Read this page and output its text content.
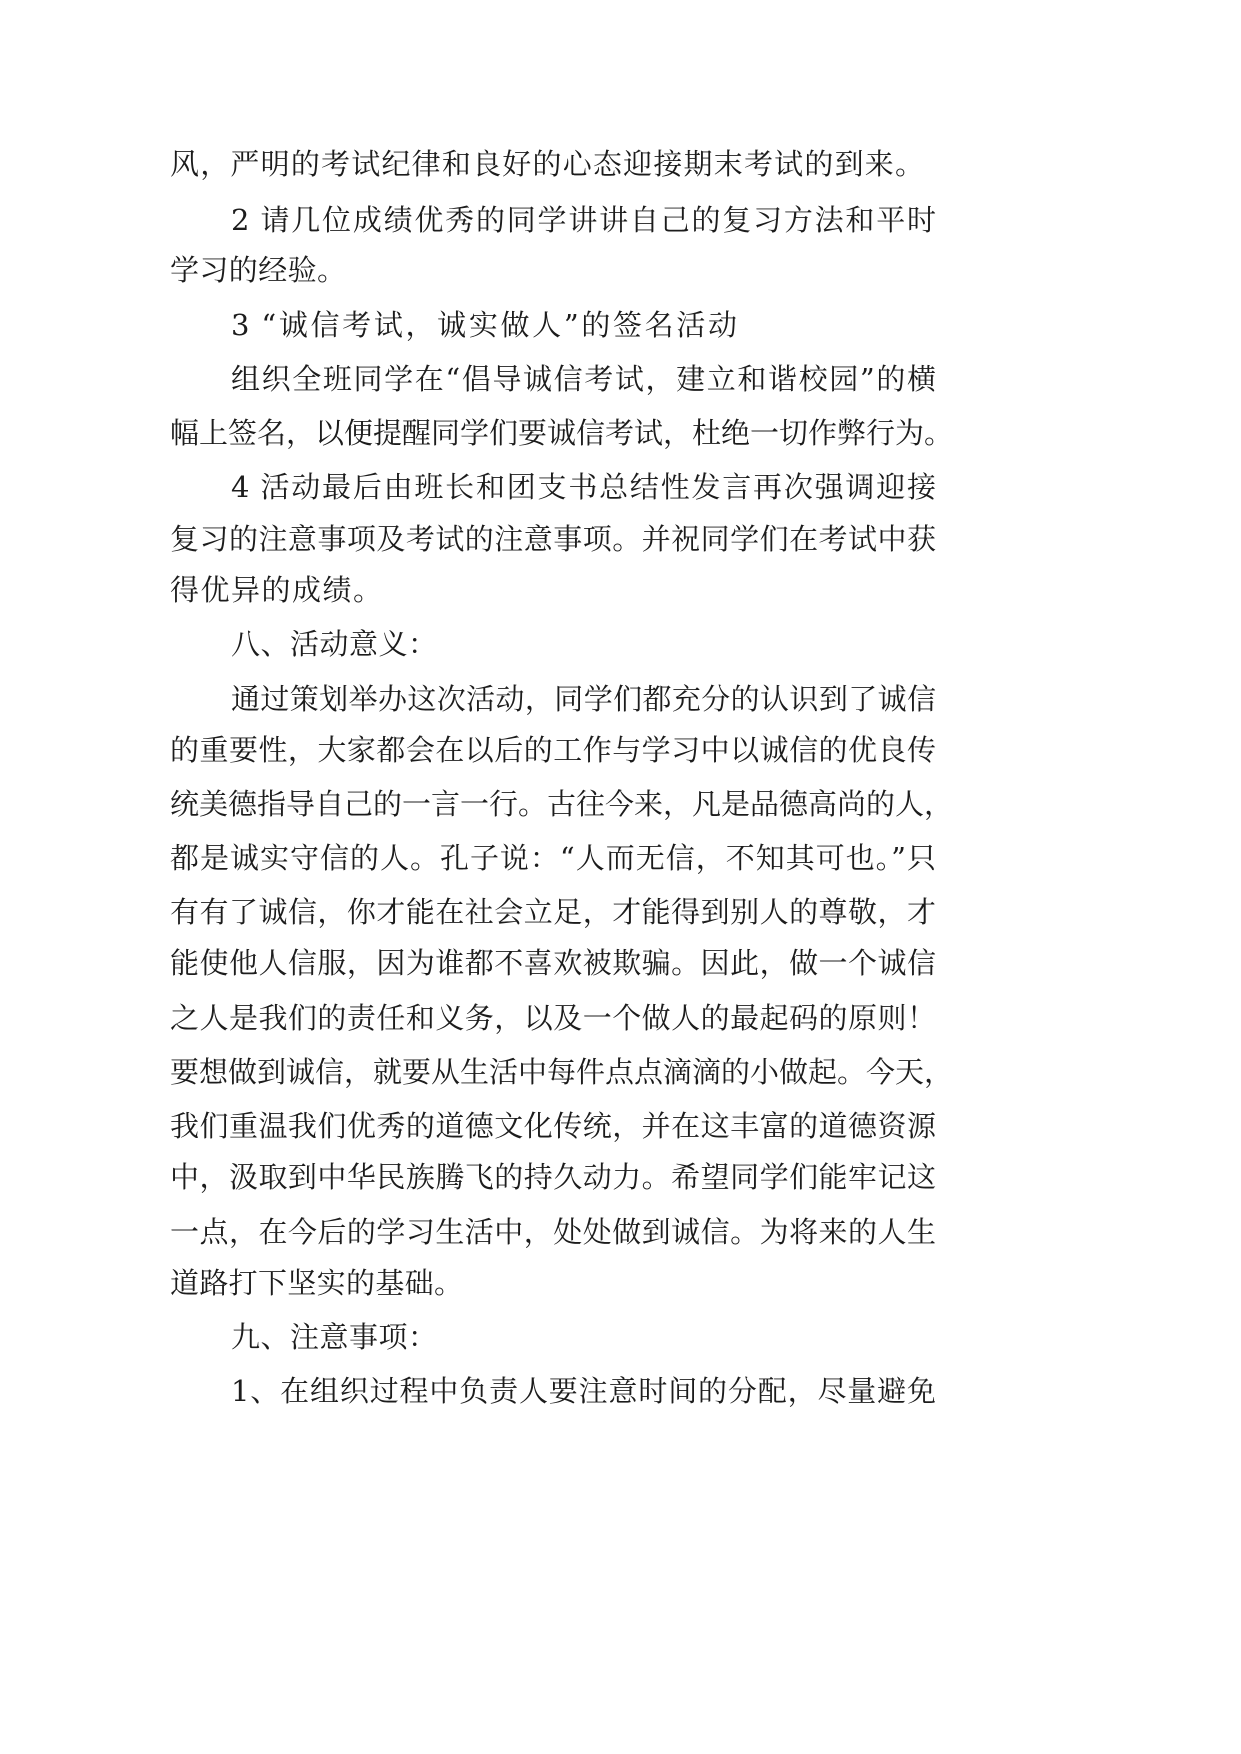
风，严明的考试纪律和良好的心态迎接期末考试的到来。
2 请几位成绩优秀的同学讲讲自己的复习方法和平时
学习的经验。
3 “诚信考试，诚实做人”的签名活动
组织全班同学在“倡导诚信考试，建立和谐校园”的横
幅上签名，以便提醒同学们要诚信考试，杜绝一切作弊行为。
4 活动最后由班长和团支书总结性发言再次强调迎接
复习的注意事项及考试的注意事项。并祝同学们在考试中获
得优异的成绩。
八、活动意义：
通过策划举办这次活动，同学们都充分的认识到了诚信
的重要性，大家都会在以后的工作与学习中以诚信的优良传
统美德指导自己的一言一行。古往今来，凡是品德高尚的人，
都是诚实守信的人。孔子说：“人而无信，不知其可也。”只
有有了诚信，你才能在社会立足，才能得到别人的尊敬，才
能使他人信服，因为谁都不喜欢被欺骗。因此，做一个诚信
之人是我们的责任和义务，以及一个做人的最起码的原则！
要想做到诚信，就要从生活中每件点点滴滴的小做起。今天，
我们重温我们优秀的道德文化传统，并在这丰富的道德资源
中，汲取到中华民族腾飞的持久动力。希望同学们能牢记这
一点，在今后的学习生活中，处处做到诚信。为将来的人生
道路打下坚实的基础。
九、注意事项：
1、在组织过程中负责人要注意时间的分配，尽量避免
